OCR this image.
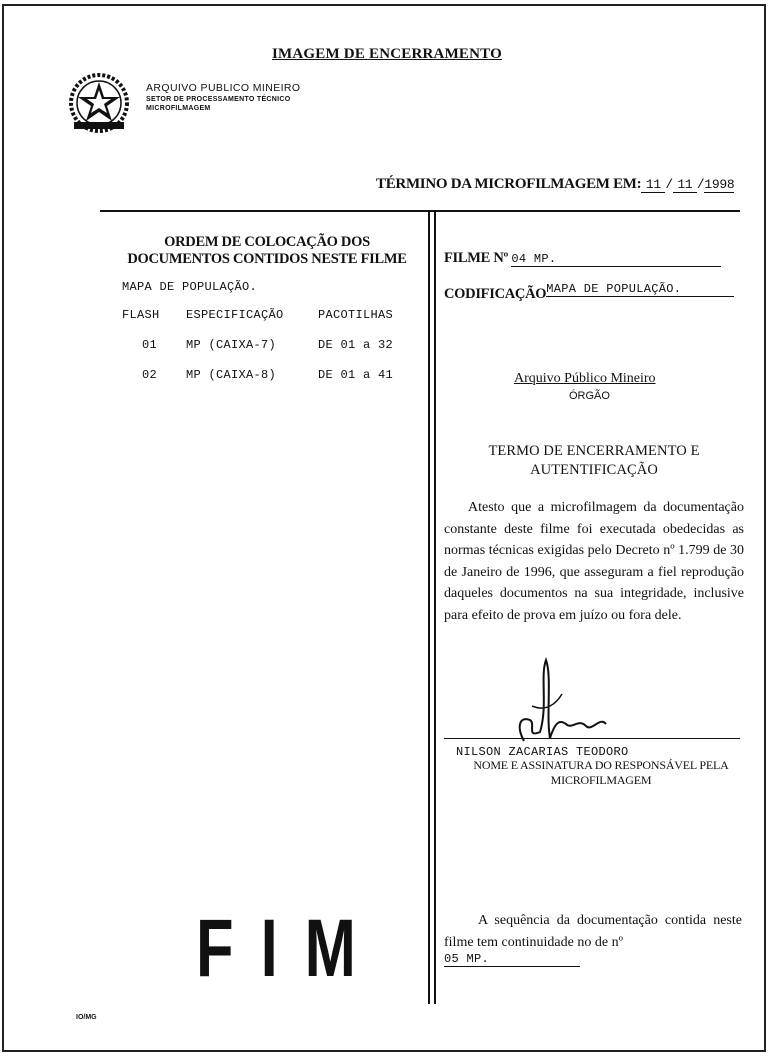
IMAGEM DE ENCERRAMENTO
ARQUIVO PUBLICO MINEIRO
SETOR DE PROCESSAMENTO TÉCNICO
MICROFILMAGEM
TÉRMINO DA MICROFILMAGEM EM: 11 / 11 /1998
ORDEM DE COLOCAÇÃO DOS
DOCUMENTOS CONTIDOS NESTE FILME
MAPA DE POPULAÇÃO.
FLASH ESPECIFICAÇÃO	PACOTILHAS
01 MP (CAIXA-7)	DE 01 a 32
02 MP (CAIXA-8)	DE 01 a 41
FILME Nº 04 MP.
CODIFICAÇÃOMAPA DE POPULAÇÃO.
Arquivo Público Mineiro
ÓRGÃO
TERMO DE ENCERRAMENTO E
AUTENTIFICAÇÃO
Atesto que a microfilmagem da documentação constante deste filme foi executada obedecidas as normas técnicas exigidas pelo Decreto nº 1.799 de 30 de Janeiro de 1996, que asseguram a fiel reprodução daqueles documentos na sua integridade, inclusive para efeito de prova em juízo ou fora dele.
NILSON ZACARIAS TEODORO
NOME E ASSINATURA DO RESPONSÁVEL PELA MICROFILMAGEM
A sequência da documentação contida neste filme tem continuidade no de nº
05 MP.
FIM
IO/MG
